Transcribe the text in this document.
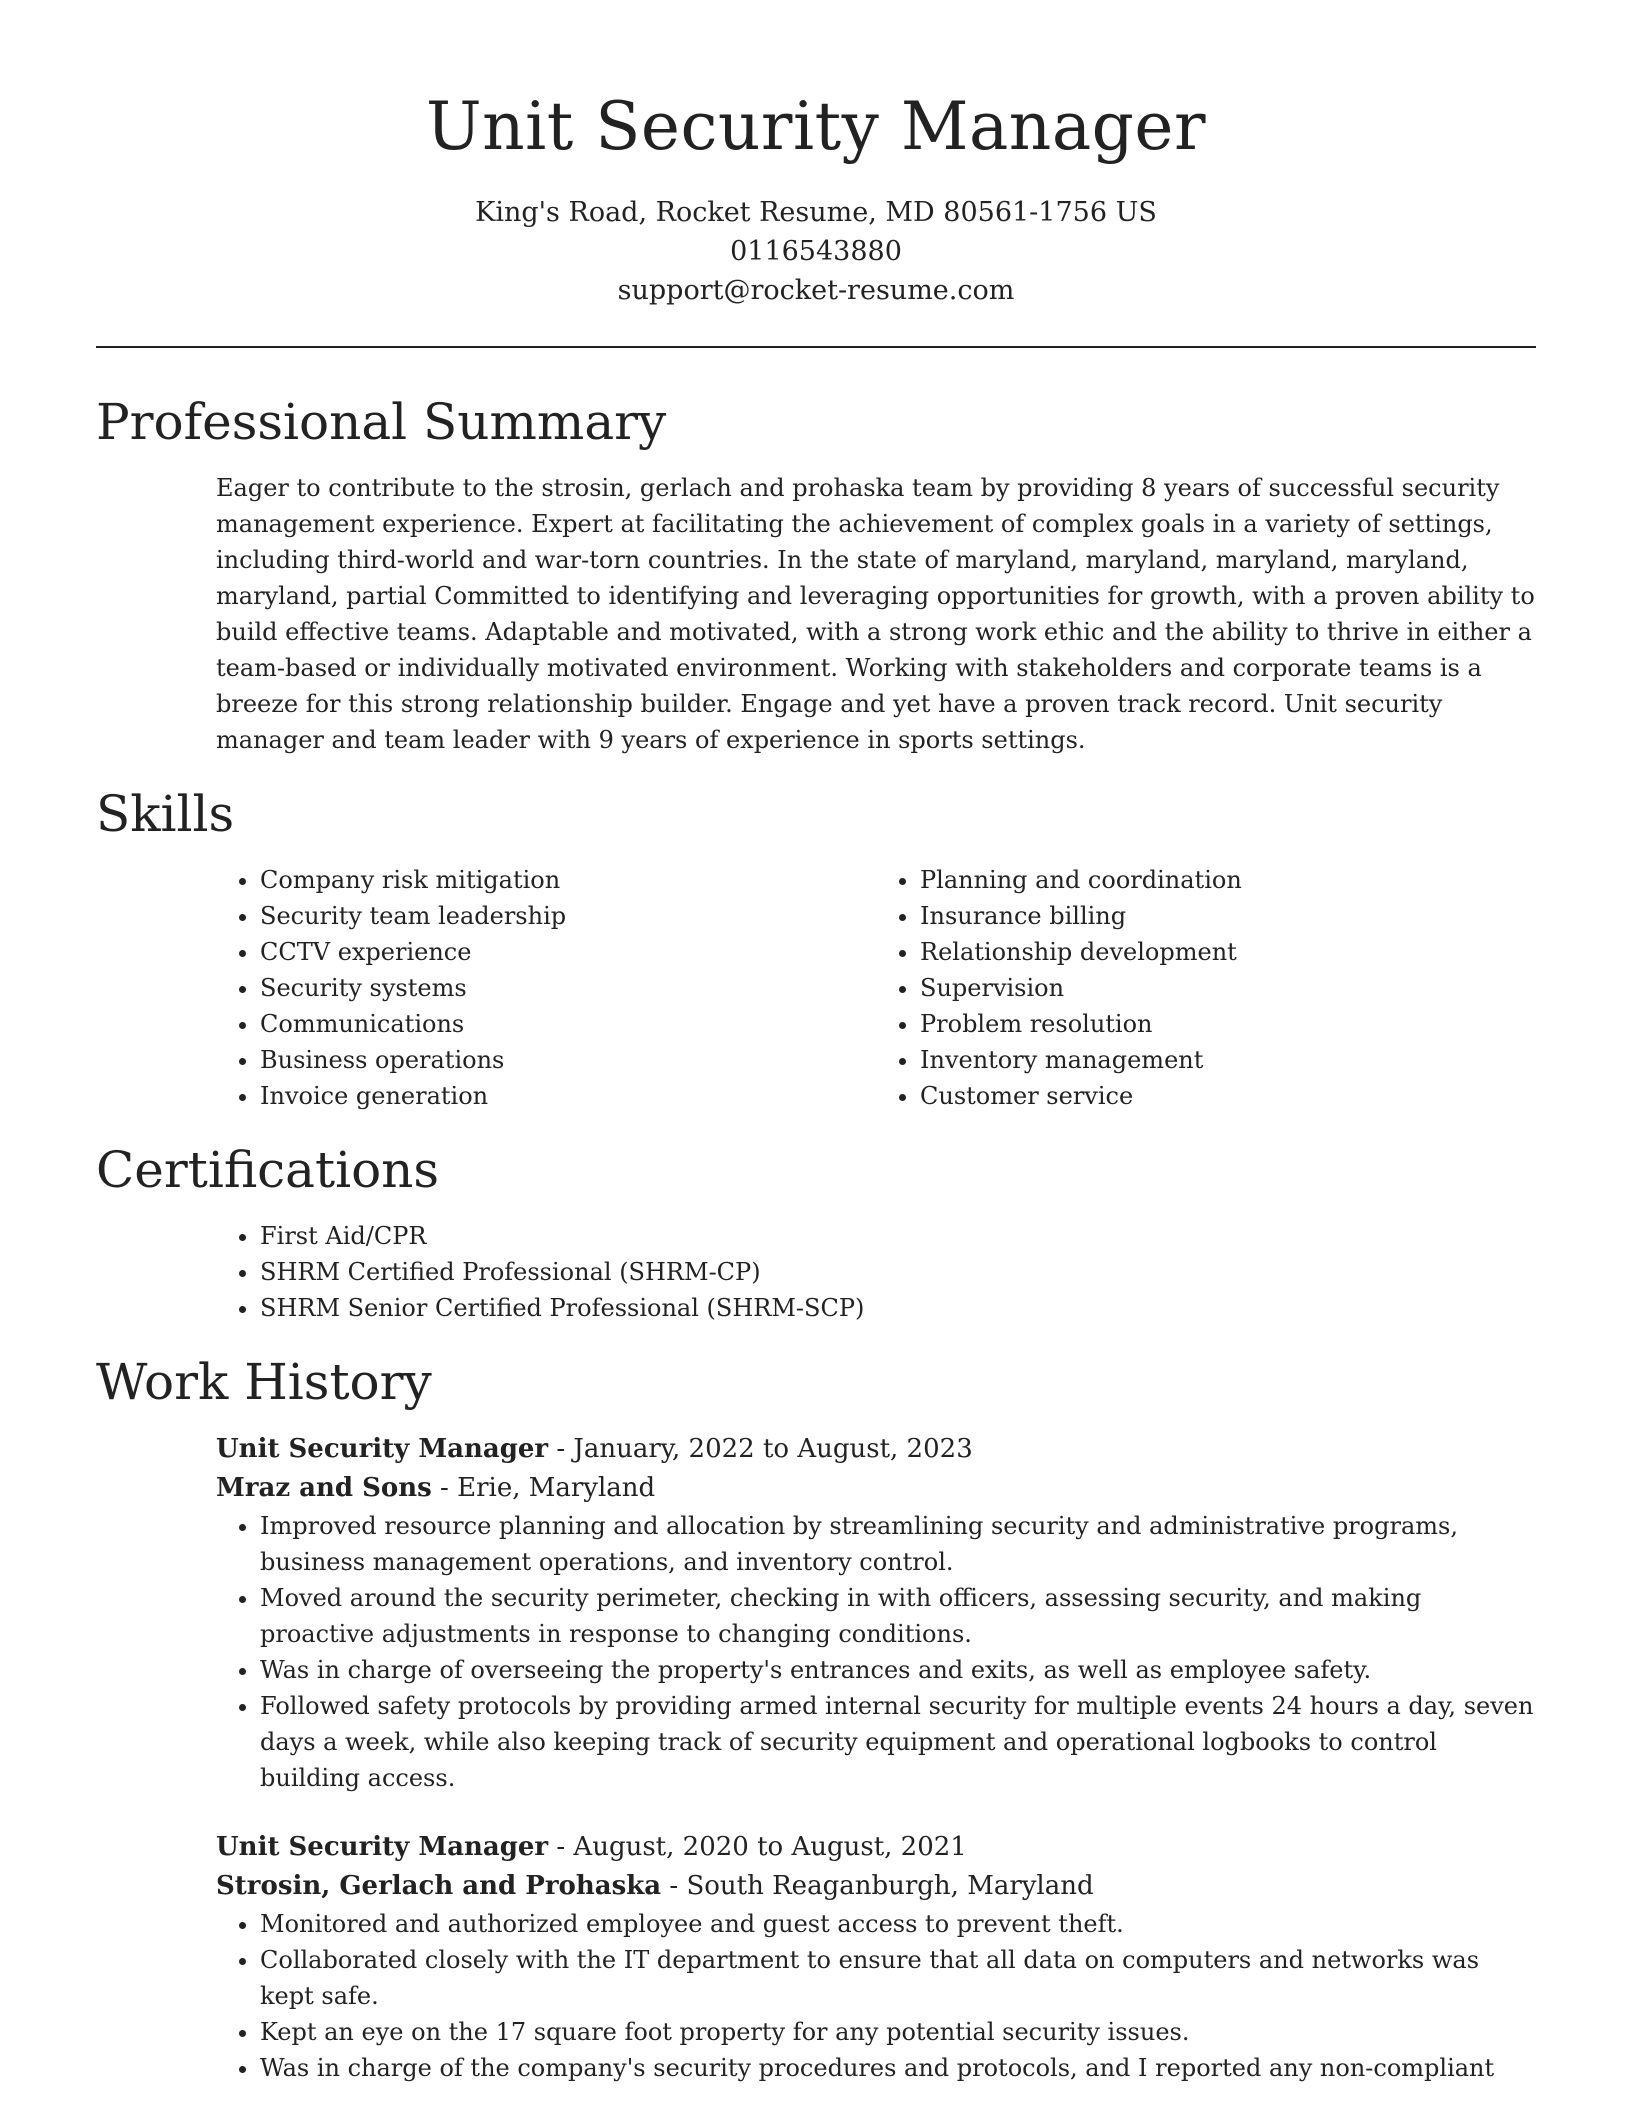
Unit Security Manager
King's Road, Rocket Resume, MD 80561-1756 US
0116543880
support@rocket-resume.com
Professional Summary
Eager to contribute to the strosin, gerlach and prohaska team by providing 8 years of successful security management experience. Expert at facilitating the achievement of complex goals in a variety of settings, including third-world and war-torn countries. In the state of maryland, maryland, maryland, maryland, maryland, partial Committed to identifying and leveraging opportunities for growth, with a proven ability to build effective teams. Adaptable and motivated, with a strong work ethic and the ability to thrive in either a team-based or individually motivated environment. Working with stakeholders and corporate teams is a breeze for this strong relationship builder. Engage and yet have a proven track record. Unit security manager and team leader with 9 years of experience in sports settings.
Skills
• Company risk mitigation
• Security team leadership
• CCTV experience
• Security systems
• Communications
• Business operations
• Invoice generation
• Planning and coordination
• Insurance billing
• Relationship development
• Supervision
• Problem resolution
• Inventory management
• Customer service
Certifications
• First Aid/CPR
• SHRM Certified Professional (SHRM-CP)
• SHRM Senior Certified Professional (SHRM-SCP)
Work History
Unit Security Manager - January, 2022 to August, 2023
Mraz and Sons - Erie, Maryland
• Improved resource planning and allocation by streamlining security and administrative programs, business management operations, and inventory control.
• Moved around the security perimeter, checking in with officers, assessing security, and making proactive adjustments in response to changing conditions.
• Was in charge of overseeing the property's entrances and exits, as well as employee safety.
• Followed safety protocols by providing armed internal security for multiple events 24 hours a day, seven days a week, while also keeping track of security equipment and operational logbooks to control building access.
Unit Security Manager - August, 2020 to August, 2021
Strosin, Gerlach and Prohaska - South Reaganburgh, Maryland
• Monitored and authorized employee and guest access to prevent theft.
• Collaborated closely with the IT department to ensure that all data on computers and networks was kept safe.
• Kept an eye on the 17 square foot property for any potential security issues.
• Was in charge of the company's security procedures and protocols, and I reported any non-compliant
